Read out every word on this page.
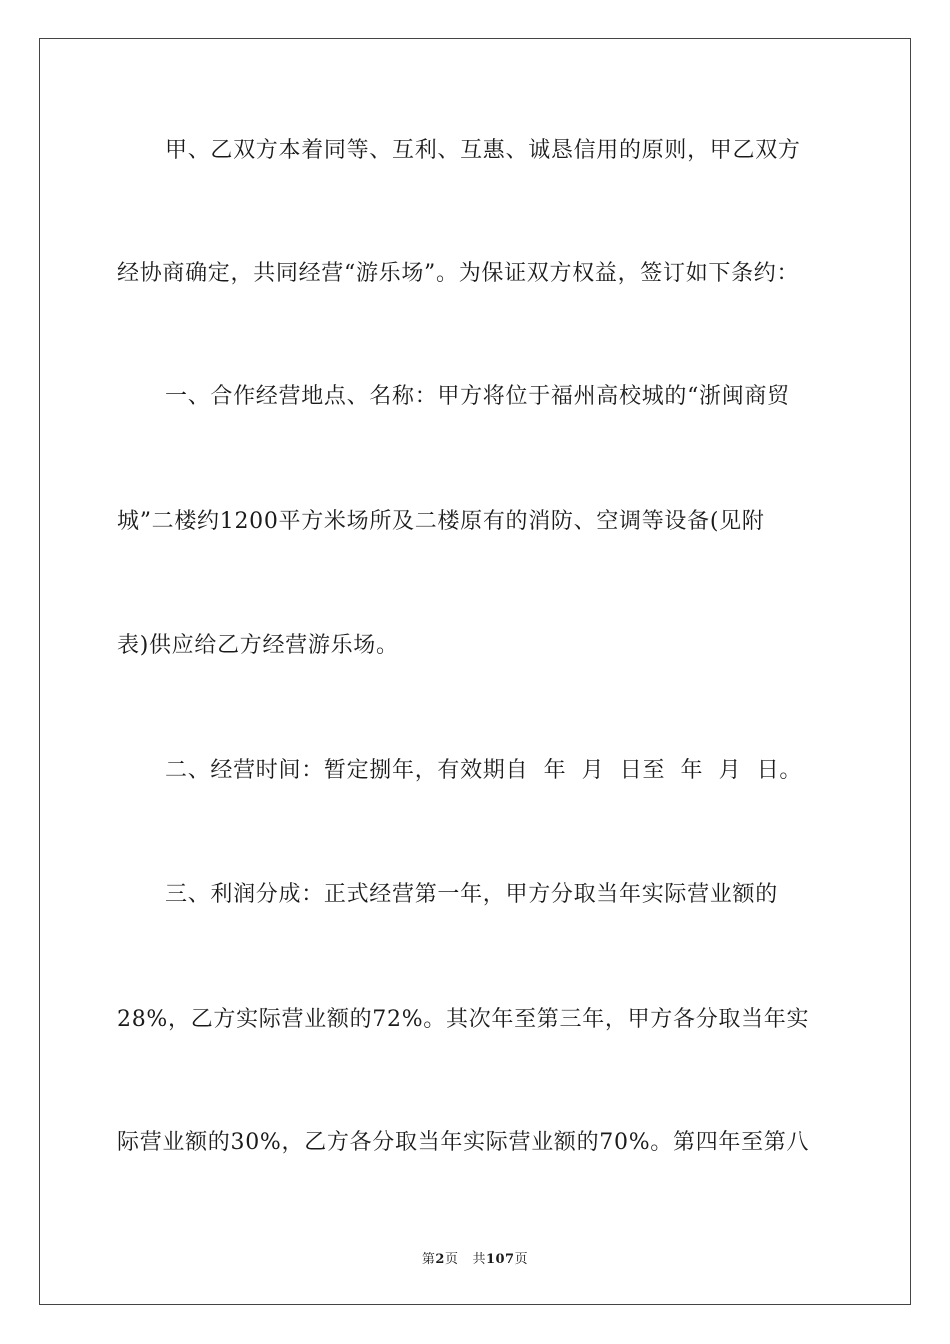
甲、乙双方本着同等、互利、互惠、诚恳信用的原则，甲乙双方
经协商确定，共同经营“游乐场”。为保证双方权益，签订如下条约：
一、合作经营地点、名称：甲方将位于福州高校城的“浙闽商贸
城”二楼约1200平方米场所及二楼原有的消防、空调等设备(见附
表)供应给乙方经营游乐场。
二、经营时间：暂定捌年，有效期自  年  月  日至  年  月  日。
三、利润分成：正式经营第一年，甲方分取当年实际营业额的
28%，乙方实际营业额的72%。其次年至第三年，甲方各分取当年实
际营业额的30%，乙方各分取当年实际营业额的70%。第四年至第八
第2页 共107页
